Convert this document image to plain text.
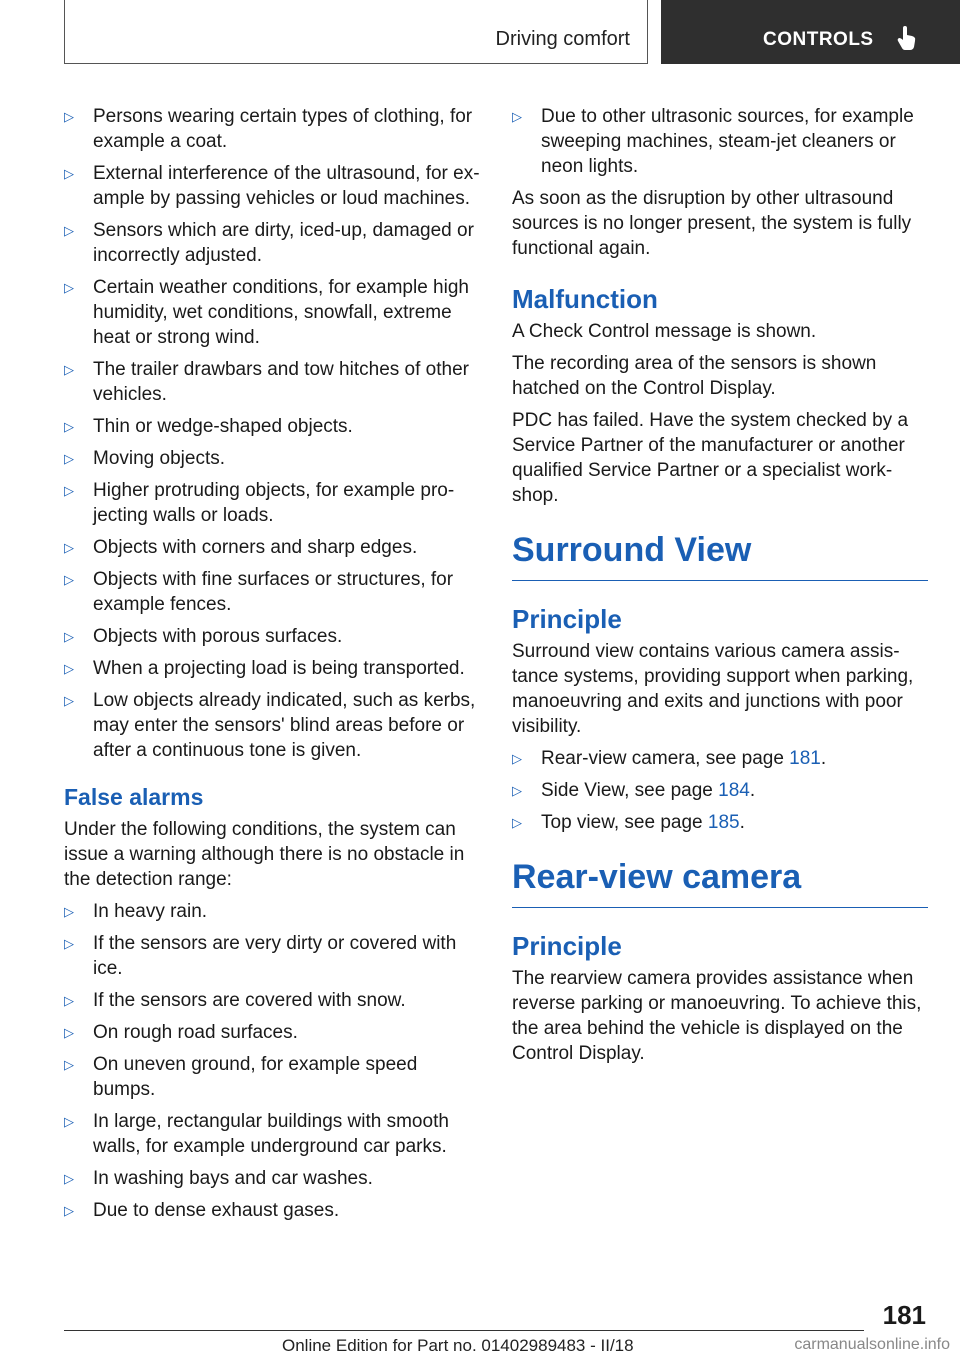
Driving comfort	CONTROLS
▷ Persons wearing certain types of clothing, for example a coat.
▷ External interference of the ultrasound, for ex‐ample by passing vehicles or loud machines.
▷ Sensors which are dirty, iced-up, damaged or incorrectly adjusted.
▷ Certain weather conditions, for example high humidity, wet conditions, snowfall, extreme heat or strong wind.
▷ The trailer drawbars and tow hitches of other vehicles.
▷ Thin or wedge-shaped objects.
▷ Moving objects.
▷ Higher protruding objects, for example pro‐jecting walls or loads.
▷ Objects with corners and sharp edges.
▷ Objects with fine surfaces or structures, for example fences.
▷ Objects with porous surfaces.
▷ When a projecting load is being transported.
▷ Low objects already indicated, such as kerbs, may enter the sensors' blind areas before or after a continuous tone is given.
False alarms

Under the following conditions, the system can issue a warning although there is no obstacle in the detection range:

▷ In heavy rain.
▷ If the sensors are very dirty or covered with ice.
▷ If the sensors are covered with snow.
▷ On rough road surfaces.
▷ On uneven ground, for example speed bumps.
▷ In large, rectangular buildings with smooth walls, for example underground car parks.
▷ In washing bays and car washes.
▷ Due to dense exhaust gases.
▷ Due to other ultrasonic sources, for example sweeping machines, steam-jet cleaners or neon lights.

As soon as the disruption by other ultrasound sources is no longer present, the system is fully functional again.

Malfunction

A Check Control message is shown.

The recording area of the sensors is shown hatched on the Control Display.

PDC has failed. Have the system checked by a Service Partner of the manufacturer or another qualified Service Partner or a specialist work‐shop.

Surround View
Principle

Surround view contains various camera assis‐tance systems, providing support when parking, manoeuvring and exits and junctions with poor visibility.

▷ Rear-view camera, see page 181.
▷ Side View, see page 184.
▷ Top view, see page 185.
Rear-view camera
Principle

The rearview camera provides assistance when reverse parking or manoeuvring. To achieve this, the area behind the vehicle is displayed on the Control Display.

181
Online Edition for Part no. 01402989483 - II/18	carmanualsonline.info
